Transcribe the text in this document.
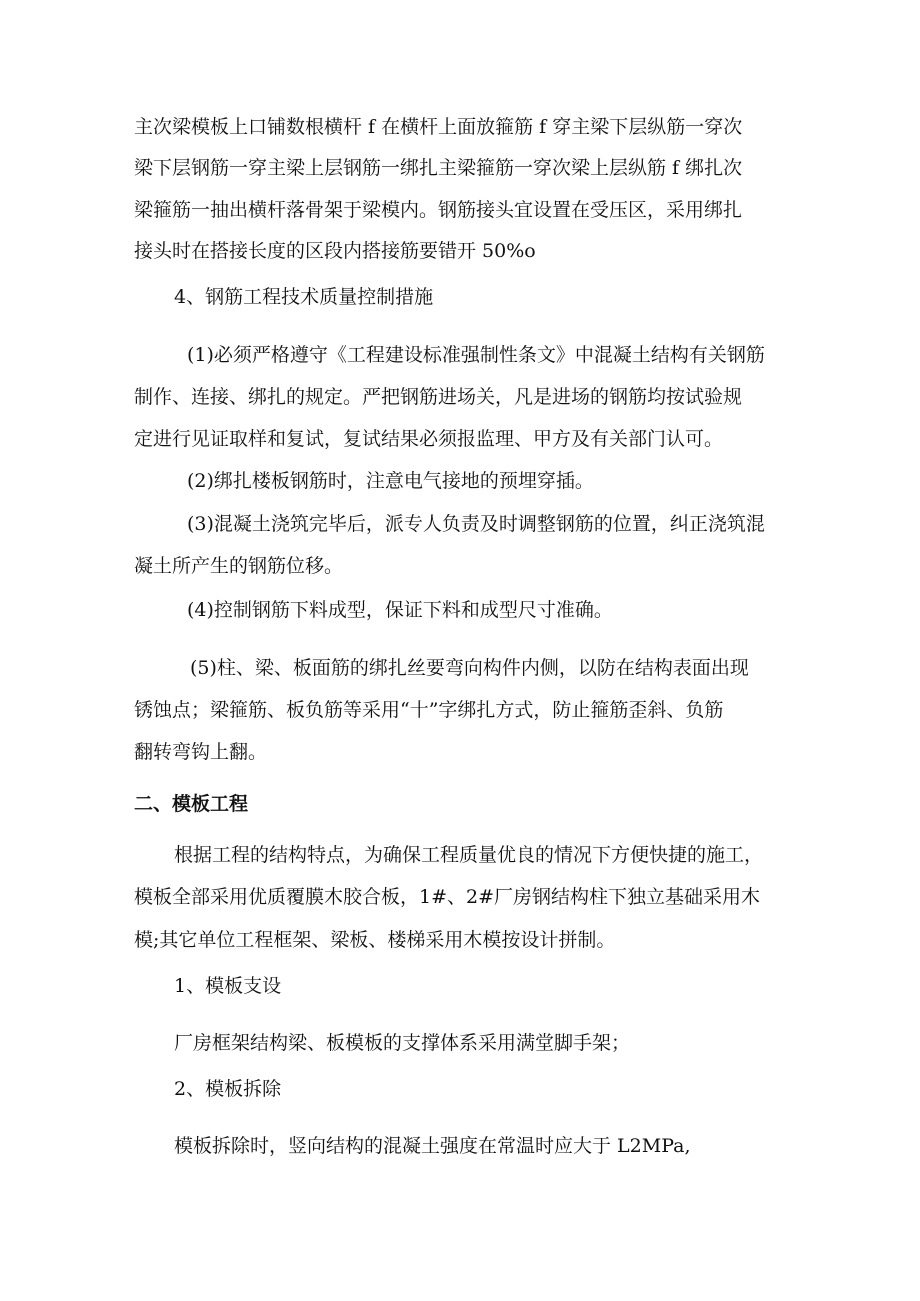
主次梁模板上口铺数根横杆 f 在横杆上面放箍筋 f 穿主梁下层纵筋一穿次

梁下层钢筋一穿主梁上层钢筋一绑扎主梁箍筋一穿次梁上层纵筋 f 绑扎次

梁箍筋一抽出横杆落骨架于梁模内。钢筋接头宜设置在受压区，采用绑扎

接头时在搭接长度的区段内搭接筋要错开 50%o

4、钢筋工程技术质量控制措施

(1)必须严格遵守《工程建设标准强制性条文》中混凝土结构有关钢筋

制作、连接、绑扎的规定。严把钢筋进场关，凡是进场的钢筋均按试验规

定进行见证取样和复试，复试结果必须报监理、甲方及有关部门认可。

(2)绑扎楼板钢筋时，注意电气接地的预埋穿插。

(3)混凝土浇筑完毕后，派专人负责及时调整钢筋的位置，纠正浇筑混

凝土所产生的钢筋位移。

(4)控制钢筋下料成型，保证下料和成型尺寸准确。

(5)柱、梁、板面筋的绑扎丝要弯向构件内侧，以防在结构表面出现

锈蚀点；梁箍筋、板负筋等采用“十”字绑扎方式，防止箍筋歪斜、负筋

翻转弯钩上翻。

二、模板工程

根据工程的结构特点，为确保工程质量优良的情况下方便快捷的施工，

模板全部采用优质覆膜木胶合板，1#、2#厂房钢结构柱下独立基础采用木

模;其它单位工程框架、梁板、楼梯采用木模按设计拼制。

1、模板支设

厂房框架结构梁、板模板的支撑体系采用满堂脚手架；

2、模板拆除

模板拆除时，竖向结构的混凝土强度在常温时应大于 L2MPa,
